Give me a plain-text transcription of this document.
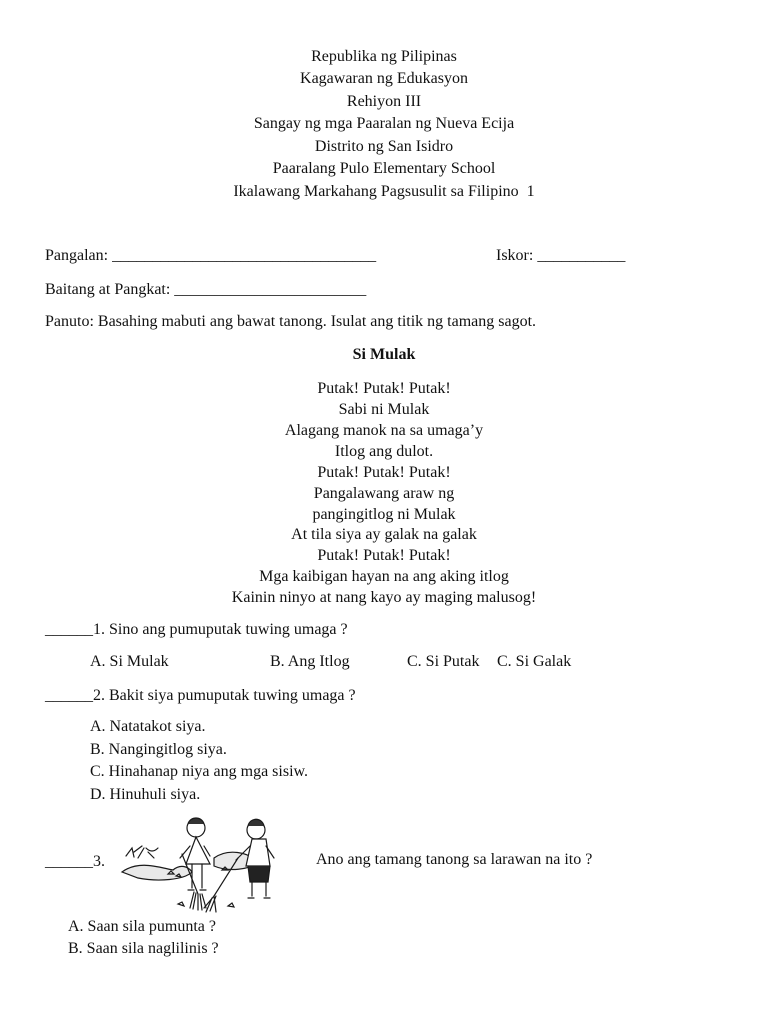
Republika ng Pilipinas
Kagawaran ng Edukasyon
Rehiyon III
Sangay ng mga Paaralan ng Nueva Ecija
Distrito ng San Isidro
Paaralang Pulo Elementary School
Ikalawang Markahang Pagsusulit sa Filipino  1
Pangalan: _________________________________	Iskor: ___________
Baitang at Pangkat: ________________________
Panuto: Basahing mabuti ang bawat tanong. Isulat ang titik ng tamang sagot.
Si Mulak
Putak! Putak! Putak!
Sabi ni Mulak
Alagang manok na sa umaga’y
Itlog ang dulot.
Putak! Putak! Putak!
Pangalawang araw ng
pangingitlog ni Mulak
At tila siya ay galak na galak
Putak! Putak! Putak!
Mga kaibigan hayan na ang aking itlog
Kainin ninyo at nang kayo ay maging malusog!
______1. Sino ang pumuputak tuwing umaga ?
A. Si Mulak	B. Ang Itlog	C. Si Putak C. Si Galak
______2. Bakit siya pumuputak tuwing umaga ?
A. Natatakot siya.
B. Nangingitlog siya.
C. Hinahanap niya ang mga sisiw.
D. Hinuhuli siya.
______3.	Ano ang tamang tanong sa larawan na ito ?
A. Saan sila pumunta ?
B. Saan sila naglilinis ?
